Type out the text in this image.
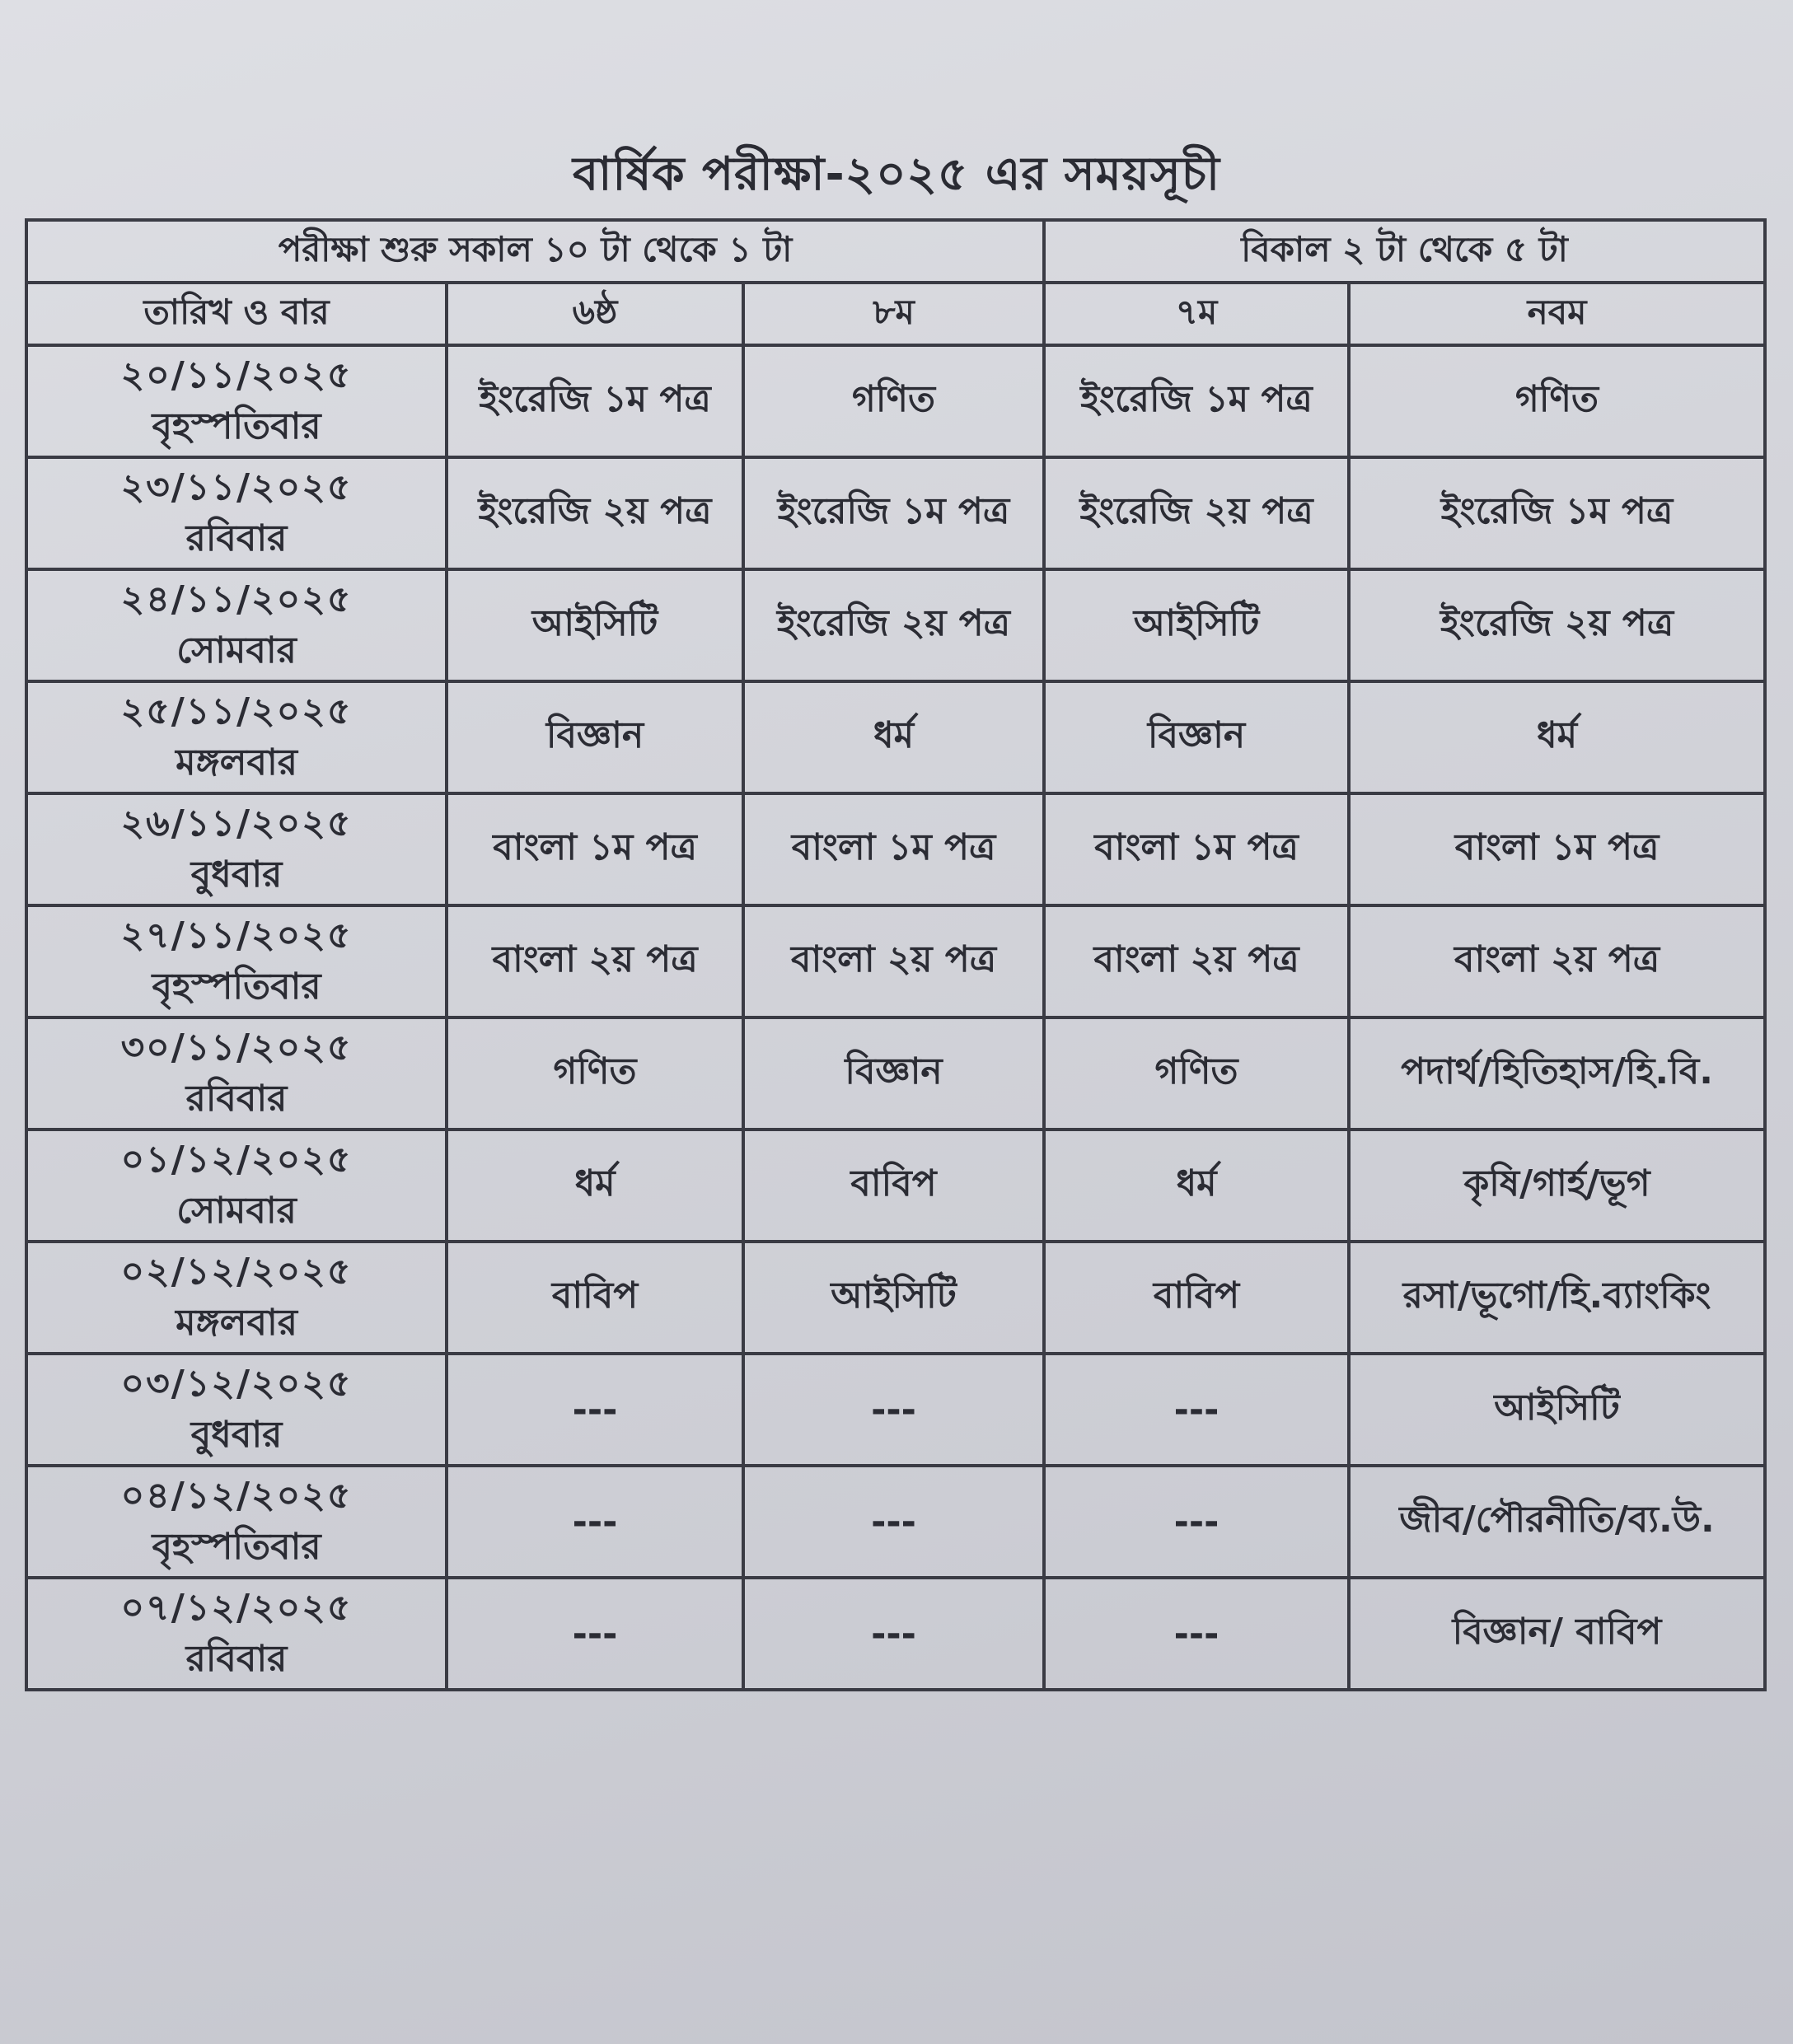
বার্ষিক পরীক্ষা-২০২৫ এর সময়সূচী
পরীক্ষা শুরু সকাল ১০ টা থেকে ১ টা			বিকাল ২ টা থেকে ৫ টা	
তারিখ ও বার	৬ষ্ঠ	৮ম	৭ম	নবম

২০/১১/২০২৫
বৃহস্পতিবার	ইংরেজি ১ম পত্র	গণিত	ইংরেজি ১ম পত্র	গণিত

২৩/১১/২০২৫
রবিবার	ইংরেজি ২য় পত্র	ইংরেজি ১ম পত্র	ইংরেজি ২য় পত্র	ইংরেজি ১ম পত্র

২৪/১১/২০২৫
সোমবার	আইসিটি	ইংরেজি ২য় পত্র	আইসিটি	ইংরেজি ২য় পত্র

২৫/১১/২০২৫
মঙ্গলবার	বিজ্ঞান	ধর্ম	বিজ্ঞান	ধর্ম

২৬/১১/২০২৫
বুধবার	বাংলা ১ম পত্র	বাংলা ১ম পত্র	বাংলা ১ম পত্র	বাংলা ১ম পত্র

২৭/১১/২০২৫
বৃহস্পতিবার	বাংলা ২য় পত্র	বাংলা ২য় পত্র	বাংলা ২য় পত্র	বাংলা ২য় পত্র

৩০/১১/২০২৫
রবিবার	গণিত	বিজ্ঞান	গণিত	পদার্থ/হিতিহাস/হি.বি.

০১/১২/২০২৫
সোমবার	ধর্ম	বাবিপ	ধর্ম	কৃষি/গার্হ/ভূগ

০২/১২/২০২৫
মঙ্গলবার	বাবিপ	আইসিটি	বাবিপ	রসা/ভূগো/হি.ব্যাংকিং

০৩/১২/২০২৫
বুধবার	---	---	---	আইসিটি

০৪/১২/২০২৫
বৃহস্পতিবার	---	---	---	জীব/পৌরনীতি/ব্য.উ.

০৭/১২/২০২৫
রবিবার	---	---	---	বিজ্ঞান/ বাবিপ
